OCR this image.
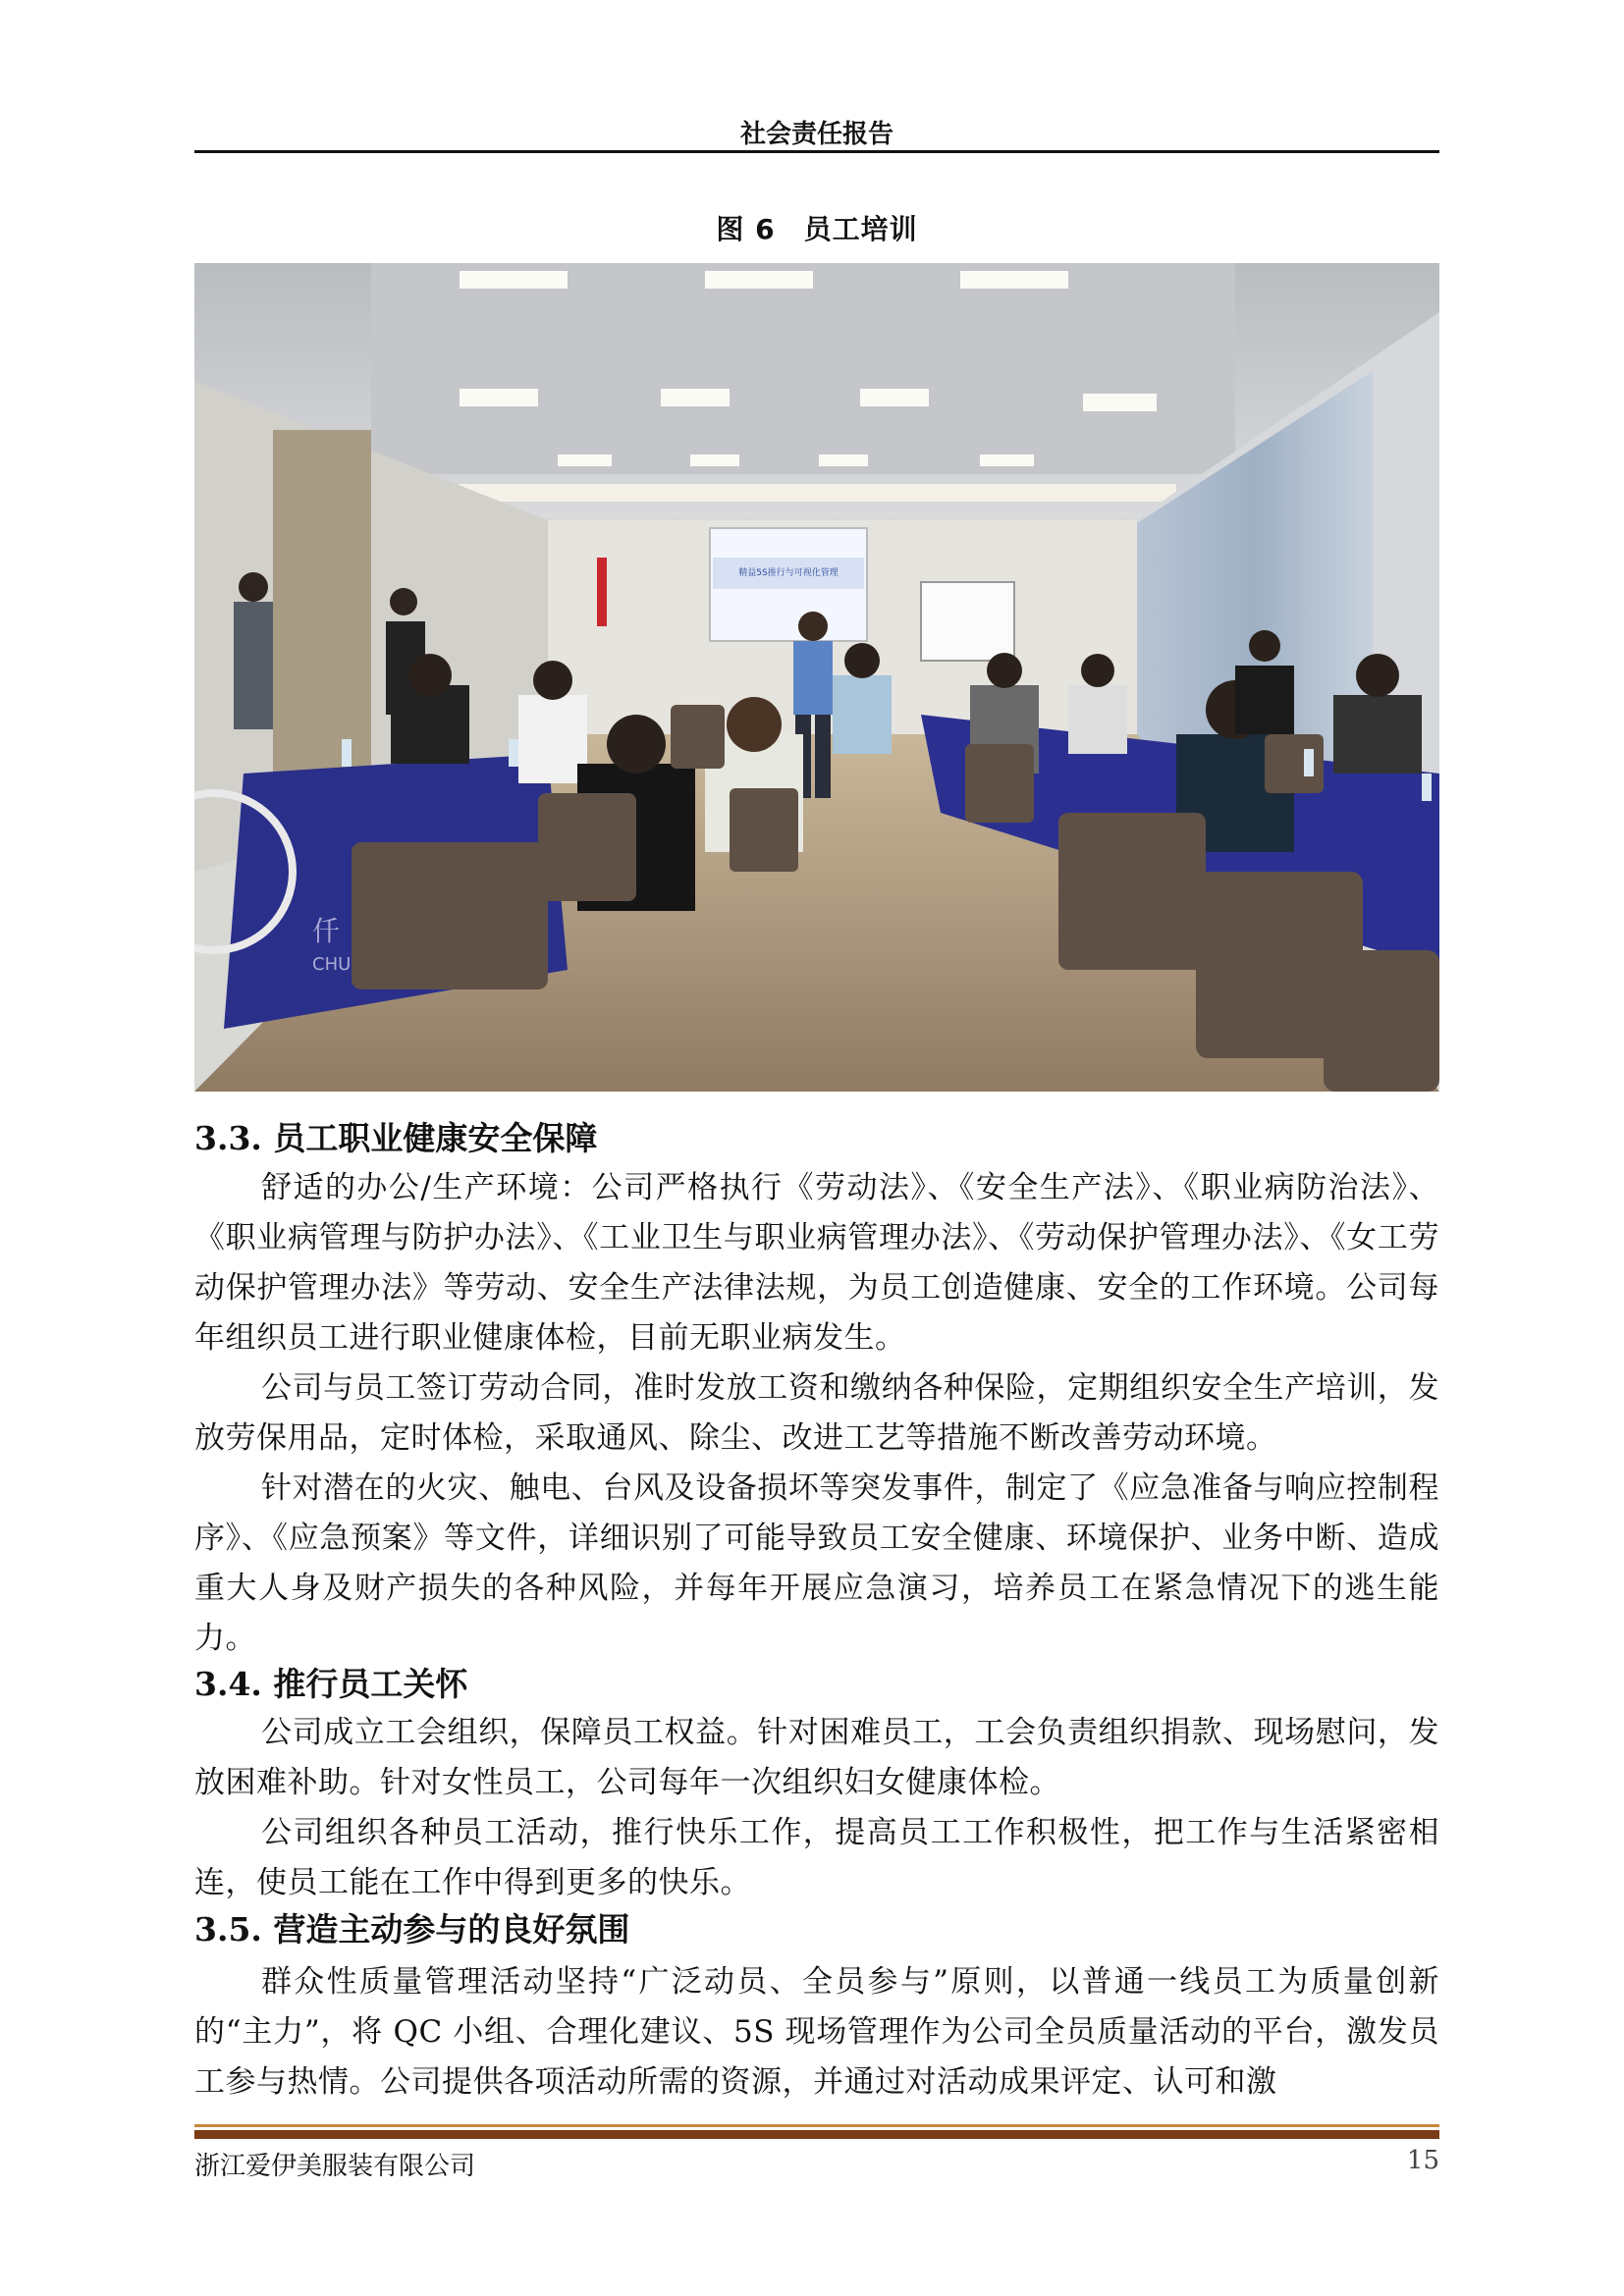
社会责任报告
图 6　员工培训
精益5S推行与可视化管理
仟
CHU
3.3. 员工职业健康安全保障
舒适的办公/生产环境：公司严格执行《劳动法》、《安全生产法》、《职业病防治法》、《职业病管理与防护办法》、《工业卫生与职业病管理办法》、《劳动保护管理办法》、《女工劳动保护管理办法》等劳动、安全生产法律法规，为员工创造健康、安全的工作环境。公司每年组织员工进行职业健康体检，目前无职业病发生。
公司与员工签订劳动合同，准时发放工资和缴纳各种保险，定期组织安全生产培训，发放劳保用品，定时体检，采取通风、除尘、改进工艺等措施不断改善劳动环境。
针对潜在的火灾、触电、台风及设备损坏等突发事件，制定了《应急准备与响应控制程序》、《应急预案》等文件，详细识别了可能导致员工安全健康、环境保护、业务中断、造成重大人身及财产损失的各种风险，并每年开展应急演习，培养员工在紧急情况下的逃生能力。
3.4. 推行员工关怀
公司成立工会组织，保障员工权益。针对困难员工，工会负责组织捐款、现场慰问，发放困难补助。针对女性员工，公司每年一次组织妇女健康体检。
公司组织各种员工活动，推行快乐工作，提高员工工作积极性，把工作与生活紧密相连，使员工能在工作中得到更多的快乐。
3.5. 营造主动参与的良好氛围
群众性质量管理活动坚持“广泛动员、全员参与”原则，以普通一线员工为质量创新的“主力”，将 QC 小组、合理化建议、5S 现场管理作为公司全员质量活动的平台，激发员工参与热情。公司提供各项活动所需的资源，并通过对活动成果评定、认可和激
浙江爱伊美服装有限公司	15
